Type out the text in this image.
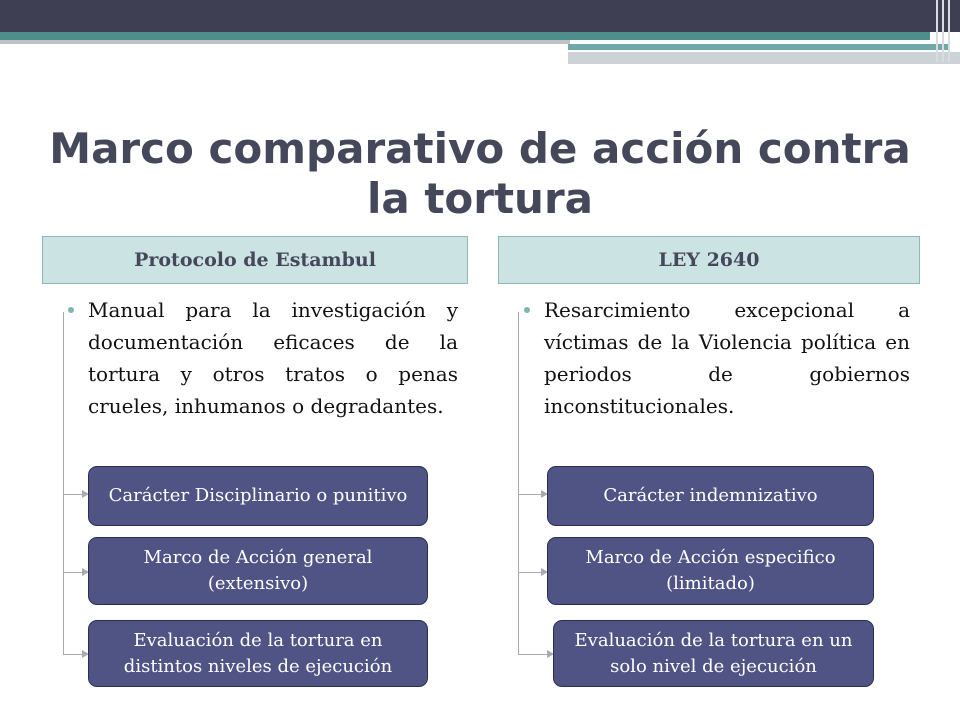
Marco comparativo de acción contra la tortura
Protocolo de Estambul

Manual para la investigación y documentación eficaces de la tortura y otros tratos o penas crueles, inhumanos o degradantes.

Carácter Disciplinario o punitivo
Marco de Acción general (extensivo)
Evaluación de la tortura en distintos niveles de ejecución
LEY 2640

Resarcimiento excepcional a víctimas de la Violencia política en periodos de gobiernos inconstitucionales.

Carácter indemnizativo
Marco de Acción especifico (limitado)
Evaluación de la tortura en un solo nivel de ejecución
